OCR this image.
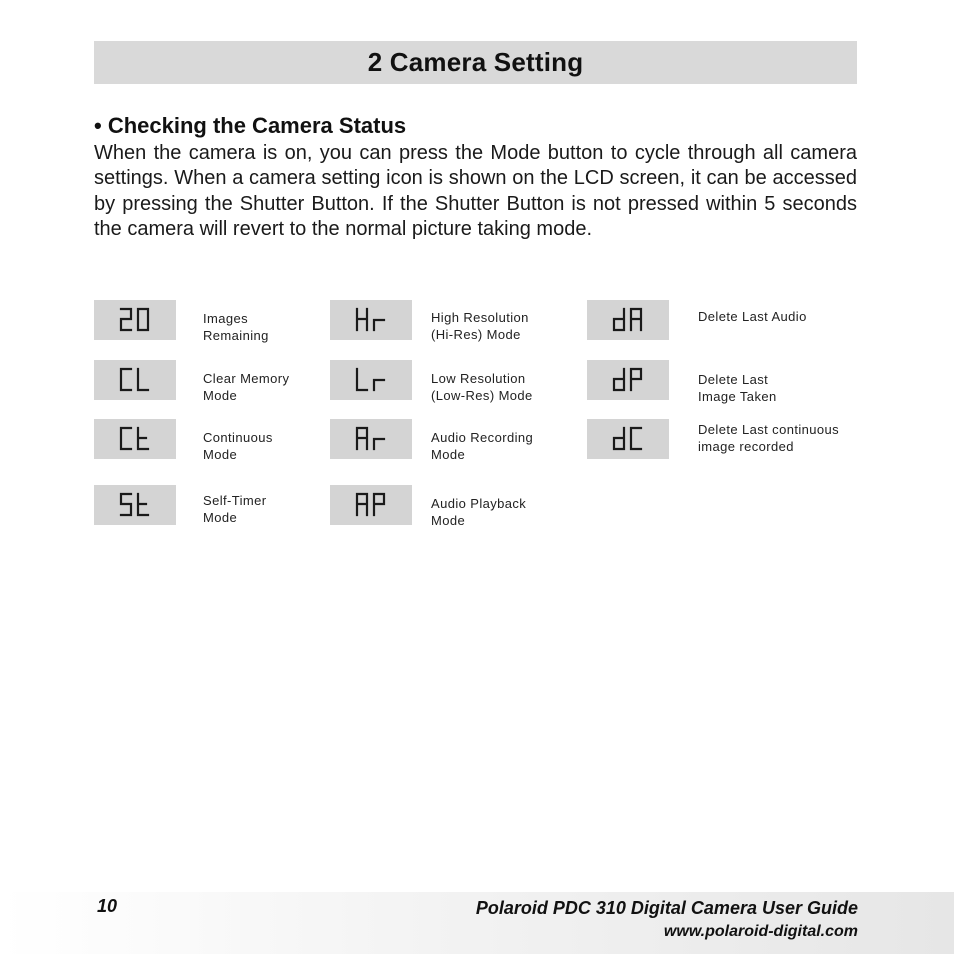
2 Camera Setting
• Checking the Camera Status

When the camera is on, you can press the Mode button to cycle through all camera settings. When a camera setting icon is shown on the LCD screen, it can be accessed by pressing the Shutter Button. If the Shutter Button is not pressed within 5 seconds the camera will revert to the normal picture taking mode.

Images
Remaining
Clear Memory
Mode
Continuous
Mode
Self-Timer
Mode
High Resolution
(Hi-Res) Mode
Low Resolution
(Low-Res) Mode
Audio Recording
Mode
Audio Playback
Mode
Delete Last Audio
Delete Last
Image Taken
Delete Last continuous
image recorded
10	Polaroid PDC 310 Digital Camera User Guide
www.polaroid-digital.com
